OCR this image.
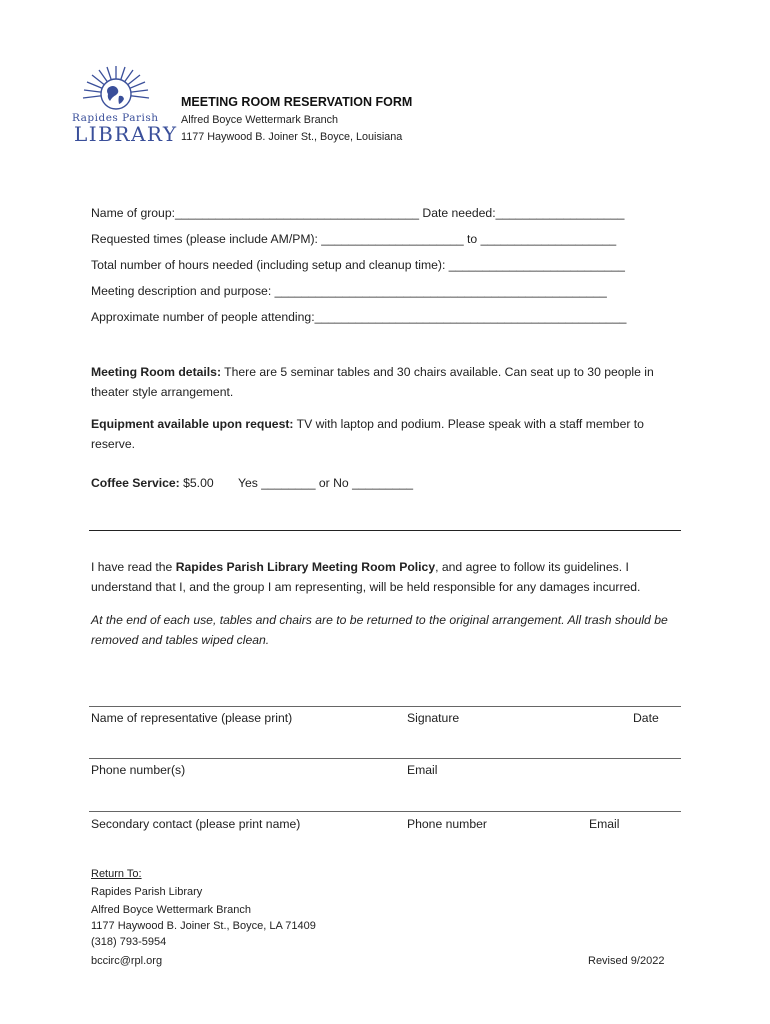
Rapides Parish
LIBRARY
MEETING ROOM RESERVATION FORM
Alfred Boyce Wettermark Branch
1177 Haywood B. Joiner St., Boyce, Louisiana
Name of group:____________________________________ Date needed:___________________
Requested times (please include AM/PM): _____________________ to ____________________
Total number of hours needed (including setup and cleanup time): __________________________
Meeting description and purpose: _________________________________________________
Approximate number of people attending:______________________________________________
Meeting Room details: There are 5 seminar tables and 30 chairs available. Can seat up to 30 people in theater style arrangement.
Equipment available upon request: TV with laptop and podium. Please speak with a staff member to reserve.
Coffee Service: $5.00 Yes ________ or No _________
I have read the Rapides Parish Library Meeting Room Policy, and agree to follow its guidelines. I understand that I, and the group I am representing, will be held responsible for any damages incurred.
At the end of each use, tables and chairs are to be returned to the original arrangement. All trash should be removed and tables wiped clean.
Name of representative (please print)	Signature	Date
Phone number(s)	Email
Secondary contact (please print name)	Phone number	Email
Return To:
Rapides Parish Library
Alfred Boyce Wettermark Branch
1177 Haywood B. Joiner St., Boyce, LA 71409
(318) 793-5954
bccirc@rpl.org	Revised 9/2022
